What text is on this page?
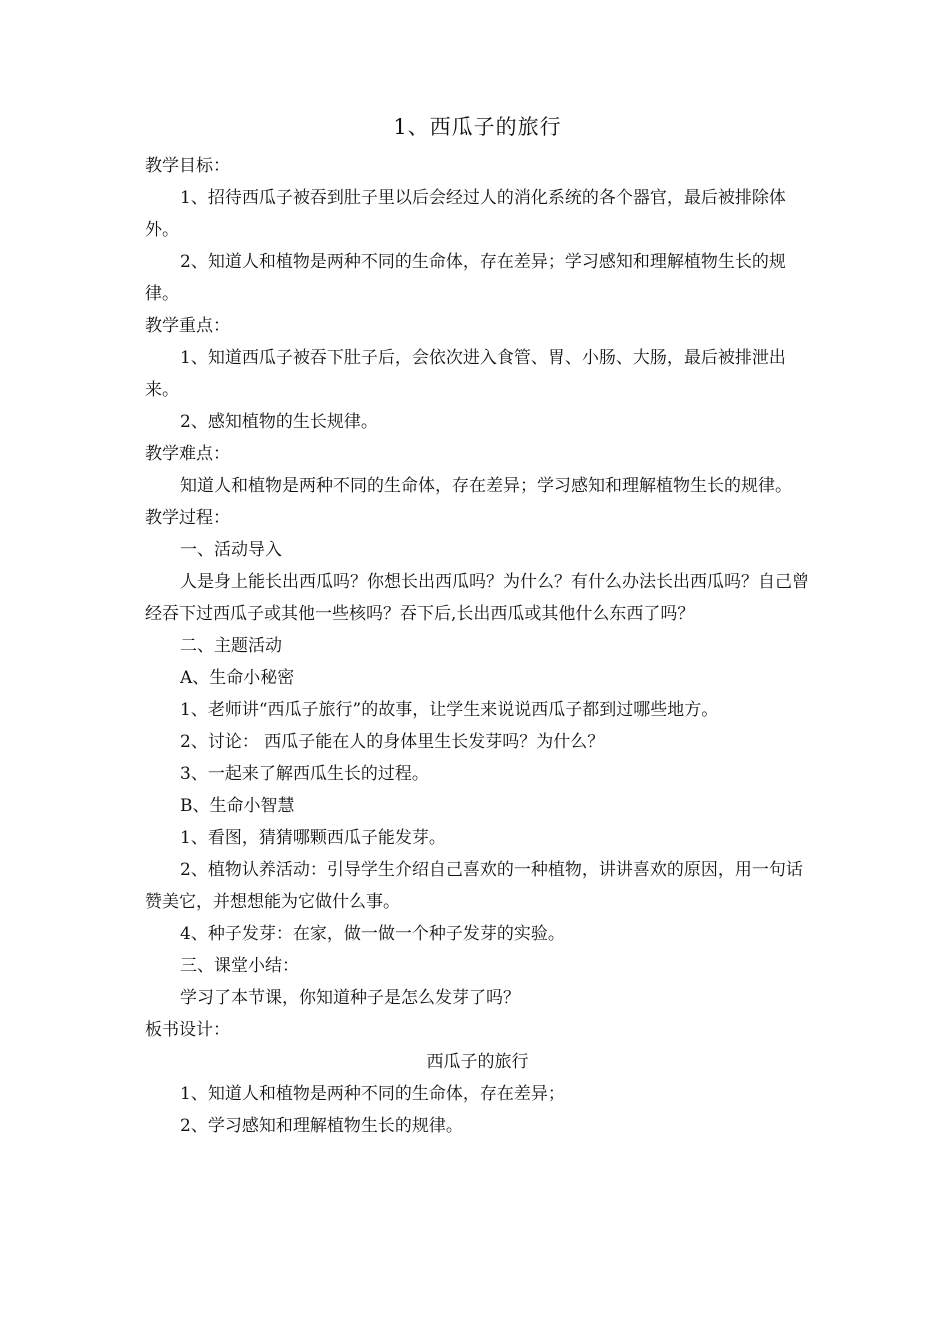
1、西瓜子的旅行

教学目标：

1、招待西瓜子被吞到肚子里以后会经过人的消化系统的各个器官，最后被排除体外。

2、知道人和植物是两种不同的生命体，存在差异；学习感知和理解植物生长的规律。

教学重点：

1、知道西瓜子被吞下肚子后，会依次进入食管、胃、小肠、大肠，最后被排泄出来。

2、感知植物的生长规律。

教学难点：

知道人和植物是两种不同的生命体，存在差异；学习感知和理解植物生长的规律。

教学过程：

一、活动导入

人是身上能长出西瓜吗？你想长出西瓜吗？为什么？有什么办法长出西瓜吗？自己曾经吞下过西瓜子或其他一些核吗？吞下后,长出西瓜或其他什么东西了吗？

二、主题活动

A、生命小秘密

1、老师讲“西瓜子旅行”的故事，让学生来说说西瓜子都到过哪些地方。

2、讨论： 西瓜子能在人的身体里生长发芽吗？为什么？

3、一起来了解西瓜生长的过程。

B、生命小智慧

1、看图，猜猜哪颗西瓜子能发芽。

2、植物认养活动：引导学生介绍自己喜欢的一种植物，讲讲喜欢的原因，用一句话赞美它，并想想能为它做什么事。

4、种子发芽：在家，做一做一个种子发芽的实验。

三、课堂小结：

学习了本节课，你知道种子是怎么发芽了吗？

板书设计：

西瓜子的旅行

1、知道人和植物是两种不同的生命体，存在差异；

2、学习感知和理解植物生长的规律。
